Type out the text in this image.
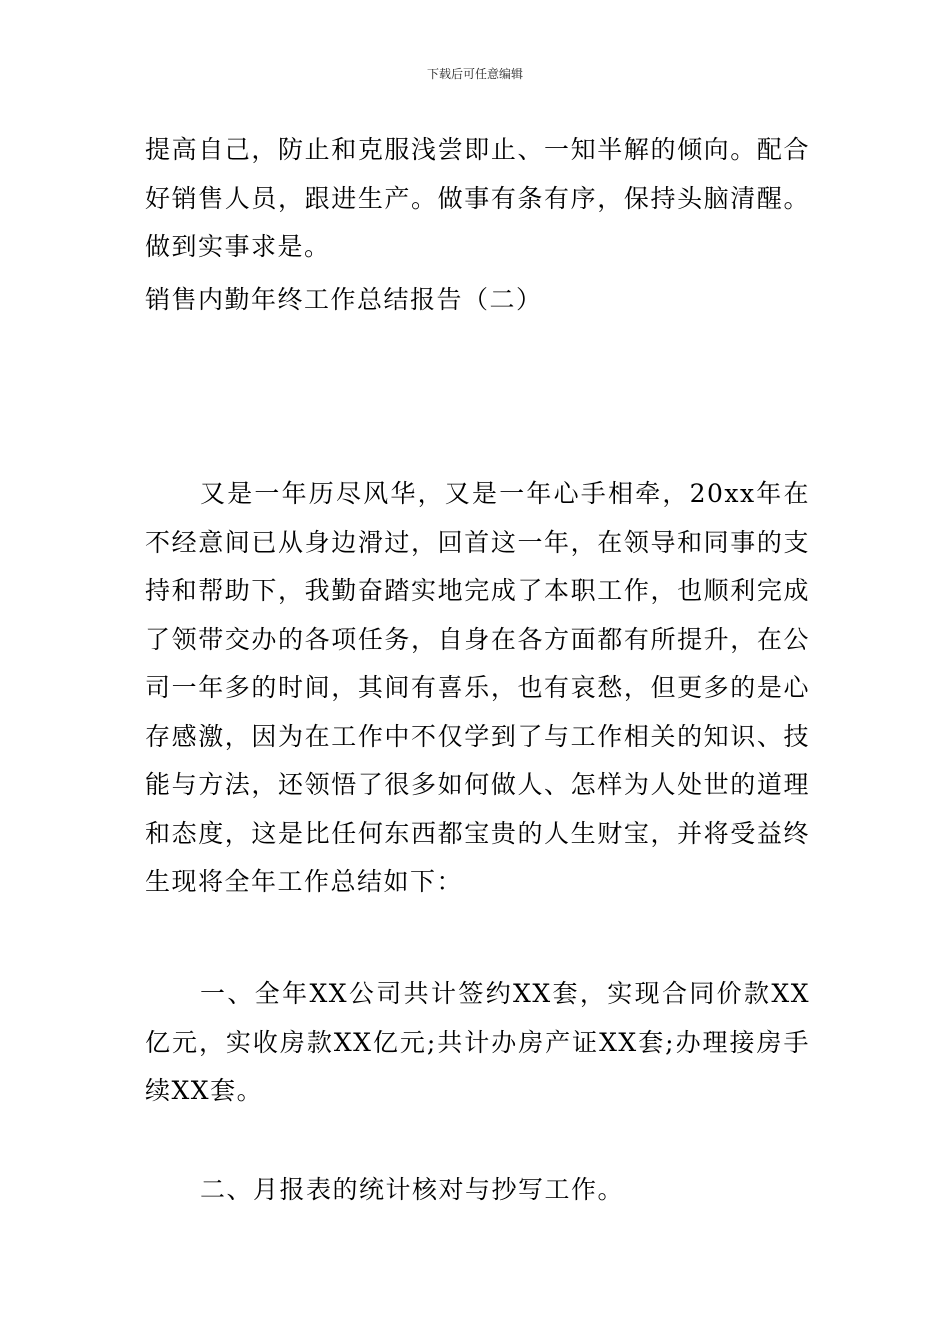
下载后可任意编辑

提高自己，防止和克服浅尝即止、一知半解的倾向。配合好销售人员，跟进生产。做事有条有序，保持头脑清醒。做到实事求是。

销售内勤年终工作总结报告（二）

又是一年历尽风华，又是一年心手相牵，20xx年在不经意间已从身边滑过，回首这一年，在领导和同事的支持和帮助下，我勤奋踏实地完成了本职工作，也顺利完成了领带交办的各项任务，自身在各方面都有所提升，在公司一年多的时间，其间有喜乐，也有哀愁，但更多的是心存感激，因为在工作中不仅学到了与工作相关的知识、技能与方法，还领悟了很多如何做人、怎样为人处世的道理和态度，这是比任何东西都宝贵的人生财宝，并将受益终生现将全年工作总结如下：

一、全年XX公司共计签约XX套，实现合同价款XX亿元，实收房款XX亿元;共计办房产证XX套;办理接房手续XX套。

二、月报表的统计核对与抄写工作。
